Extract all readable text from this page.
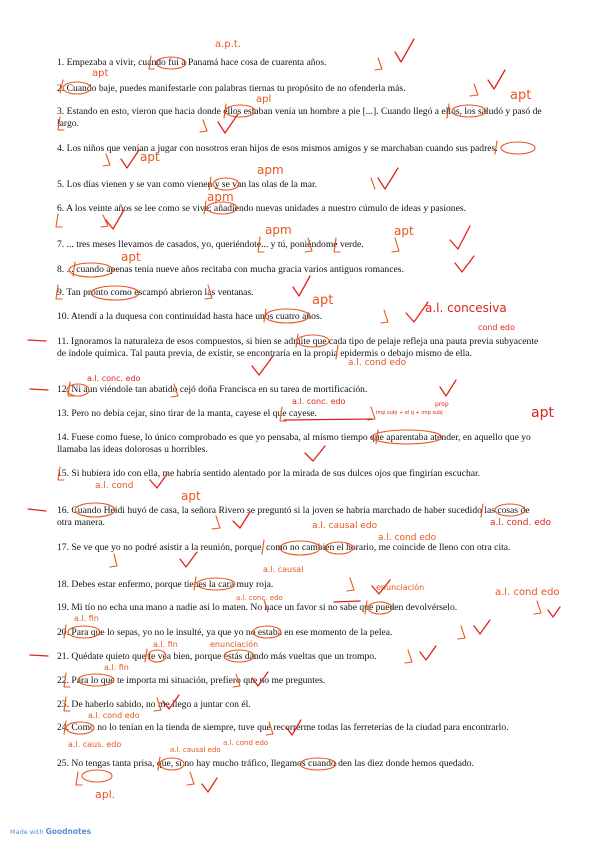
1. Empezaba a vivir, cuando fui a Panamá hace cosa de cuarenta años.

2. Cuando baje, puedes manifestarle con palabras tiernas tu propósito de no ofenderla más.

3. Estando en esto, vieron que hacia donde ellos estaban venía un hombre a pie [...]. Cuando llegó a ellos, los saludó y pasó de largo.

4. Los niños que venían a jugar con nosotros eran hijos de esos mismos amigos y se marchaban cuando sus padres.

5. Los días vienen y se van como vienen y se van las olas de la mar.

6. A los veinte años se lee como se vive: añadiendo nuevas unidades a nuestro cúmulo de ideas y pasiones.

7. ... tres meses llevamos de casados, yo, queriéndote... y tú, poniéndome verde.

8. ... cuando apenas tenía nueve años recitaba con mucha gracia varios antiguos romances.

9. Tan pronto como escampó abrieron las ventanas.

10. Atendí a la duquesa con continuidad hasta hace unos cuatro años.

11. Ignoramos la naturaleza de esos compuestos, si bien se admite que cada tipo de pelaje refleja una pauta previa subyacente de índole química. Tal pauta previa, de existir, se encontraría en la propia epidermis o debajo mismo de ella.

12. Ni aun viéndole tan abatido cejó doña Francisca en su tarea de mortificación.

13. Pero no debía cejar, sino tirar de la manta, cayese el que cayese.

14. Fuese como fuese, lo único comprobado es que yo pensaba, al mismo tiempo que aparentaba atender, en aquello que yo llamaba las ideas dolorosas u horribles.

15. Si hubiera ido con ella, me habría sentido alentado por la mirada de sus dulces ojos que fingirían escuchar.

16. Cuando Heidi huyó de casa, la señora Rivero se preguntó si la joven se habría marchado de haber sucedido las cosas de otra manera.

17. Se ve que yo no podré asistir a la reunión, porque, como no cambien el horario, me coincide de lleno con otra cita.

18. Debes estar enfermo, porque tienes la cara muy roja.

19. Mi tío no echa una mano a nadie así lo maten. No hace un favor si no sabe que pueden devolvérselo.

20. Para que lo sepas, yo no le insulté, ya que yo no estaba en ese momento de la pelea.

21. Quédate quieto que te vea bien, porque estás dando más vueltas que un trompo.

22. Para lo que te importa mi situación, prefiero que no me preguntes.

23. De haberlo sabido, no me llego a juntar con él.

24. Como no lo tenían en la tienda de siempre, tuve que recorrerme todas las ferreterías de la ciudad para encontrarlo.

25. No tengas tanta prisa, que, si no hay mucho tráfico, llegamos cuando den las diez donde hemos quedado.

a.p.t.
apt
apl	apt
apt
apm
apm
apm	apt
apt
apt	a.l. concesiva
cond edo
a.l. cond edo
a.l. conc. edo
a.l. conc. edo
imp subj + el q + imp subj	apt
prop
a.l. cond
apt
a.l. cond. edo
a.l. causal edo
a.l. cond edo
a.l. causal
a.l. conc. edo
enunciación	a.l. cond edo
a.l. fin
a.l. fin	enunciación
a.l. fin
a.l. cond edo
a.l. caus. edo
a.l. causal edo
a.l. cond edo
apl.
Made with Goodnotes
